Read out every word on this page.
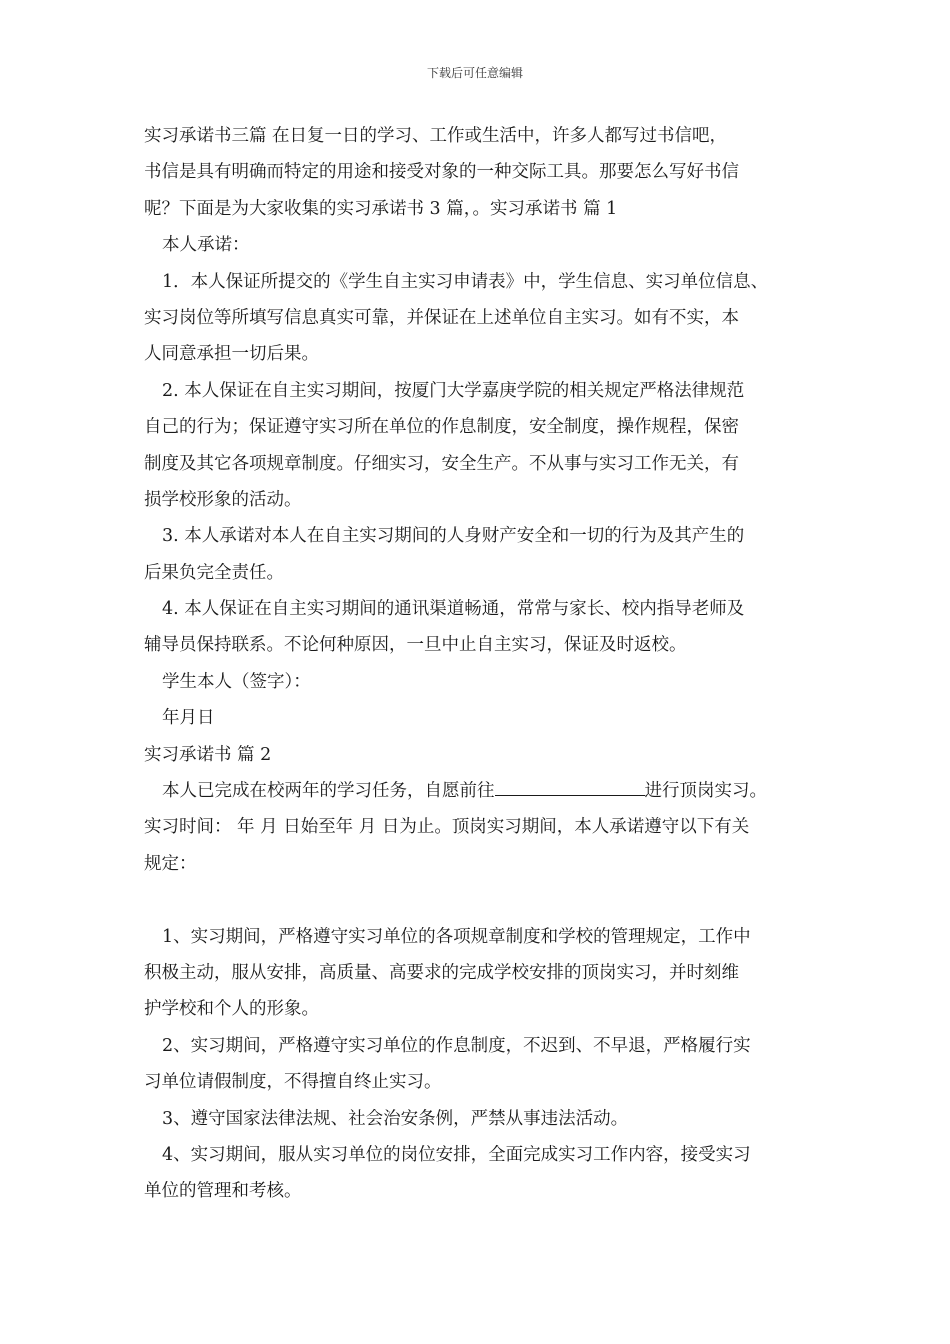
下载后可任意编辑
实习承诺书三篇 在日复一日的学习、工作或生活中，许多人都写过书信吧，
书信是具有明确而特定的用途和接受对象的一种交际工具。那要怎么写好书信
呢？下面是为大家收集的实习承诺书 3 篇，。实习承诺书 篇 1
本人承诺：
1．本人保证所提交的《学生自主实习申请表》中，学生信息、实习单位信息、
实习岗位等所填写信息真实可靠，并保证在上述单位自主实习。如有不实，本
人同意承担一切后果。
2. 本人保证在自主实习期间，按厦门大学嘉庚学院的相关规定严格法律规范
自己的行为；保证遵守实习所在单位的作息制度，安全制度，操作规程，保密
制度及其它各项规章制度。仔细实习，安全生产。不从事与实习工作无关，有
损学校形象的活动。
3. 本人承诺对本人在自主实习期间的人身财产安全和一切的行为及其产生的
后果负完全责任。
4. 本人保证在自主实习期间的通讯渠道畅通，常常与家长、校内指导老师及
辅导员保持联系。不论何种原因，一旦中止自主实习，保证及时返校。
学生本人（签字）：
年月日
实习承诺书 篇 2
本人已完成在校两年的学习任务，自愿前往	进行顶岗实习。
实习时间： 年 月 日始至年 月 日为止。顶岗实习期间，本人承诺遵守以下有关
规定：
1、实习期间，严格遵守实习单位的各项规章制度和学校的管理规定，工作中
积极主动，服从安排，高质量、高要求的完成学校安排的顶岗实习，并时刻维
护学校和个人的形象。
2、实习期间，严格遵守实习单位的作息制度，不迟到、不早退，严格履行实
习单位请假制度，不得擅自终止实习。
3、遵守国家法律法规、社会治安条例，严禁从事违法活动。
4、实习期间，服从实习单位的岗位安排，全面完成实习工作内容，接受实习
单位的管理和考核。
